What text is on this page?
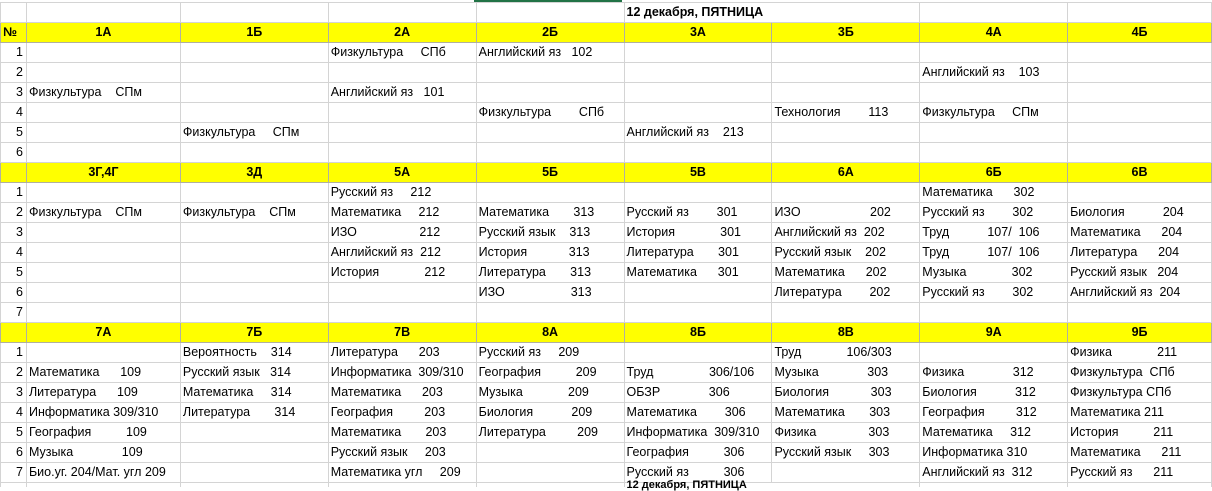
					12 декабря, ПЯТНИЦА			
№	1А	1Б	2А	2Б	3А	3Б	4А	4Б
1			Физкультура     СПб	Английский яз   102				
2							Английский яз    103	
3	Физкультура    СПм		Английский яз   101					
4				Физкультура        СПб		Технология        113	Физкультура     СПм	
5		Физкультура     СПм			Английский яз    213			
6								
	3Г,4Г	3Д	5А	5Б	5В	6А	6Б	6В
1			Русский яз     212				Математика      302	
2	Физкультура    СПм	Физкультура    СПм	Математика     212	Математика       313	Русский яз        301	ИЗО                    202	Русский яз        302	Биология           204
3			ИЗО                  212	Русский язык    313	История             301	Английский яз  202	Труд           107/  106	Математика      204
4			Английский яз  212	История            313	Литература       301	Русский язык    202	Труд           107/  106	Литература      204
5			История             212	Литература       313	Математика      301	Математика      202	Музыка             302	Русский язык   204
6				ИЗО                   313		Литература        202	Русский яз        302	Английский яз  204
7								
	7А	7Б	7В	8А	8Б	8В	9А	9Б
1		Вероятность    314	Литература      203	Русский яз     209		Труд             106/303		Физика             211
2	Математика      109	Русский язык   314	Информатика  309/310	География          209	Труд                306/106	Музыка              303	Физика              312	Физкультура  СПб
3	Литература      109	Математика     314	Математика      203	Музыка             209	ОБЗР              306	Биология            303	Биология           312	Физкультура СПб
4	Информатика 309/310	Литература       314	География         203	Биология           209	Математика        306	Математика       303	География         312	Математика 211
5	География          109		Математика       203	Литература         209	Информатика  309/310	Физика               303	Математика     312	История          211
6	Музыка              109		Русский язык     203		География          306	Русский язык     303	Информатика 310	Математика      211
7	Био.уг. 204/Мат. угл 209		Математика угл     209		Русский яз          306		Английский яз  312	Русский яз      211
					12 декабря, ПЯТНИЦА			
